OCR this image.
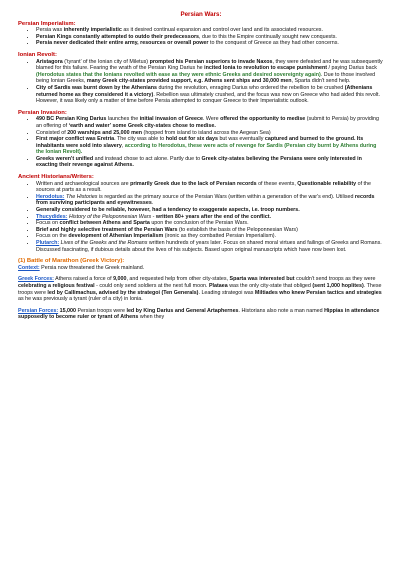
Persian Wars:
Persian Imperialism:
• Persia was inherently imperialistic as it desired continual expansion and control over land and its associated resources.
• Persian Kings constantly attempted to outdo their predecessors, due to this the Empire continually sought new conquests.
• Persia never dedicated their entire army, resources or overall power to the conquest of Greece as they had other concerns.
Ionian Revolt:
• Aristagora (‘tyrant’ of the Ionian city of Miletus) prompted his Persian superiors to invade Naxos, they were defeated and he was subsequently blamed for this failure. Fearing the wrath of the Persian King Darius he incited Ionia to revolution to escape punishment / paying Darius back (Herodotus states that the Ionians revolted with ease as they were ethnic Greeks and desired sovereignty again). Due to those involved being Ionian Greeks, many Greek city-states provided support, e.g. Athens sent ships and 30,000 men, Sparta didn't send help.
• City of Sardis was burnt down by the Athenians during the revolution, enraging Darius who ordered the rebellion to be crushed (Athenians returned home as they considered it a victory). Rebellion was ultimately crushed, and the focus was now on Greece who had aided this revolt. However, it was likely only a matter of time before Persia attempted to conquer Greece to their Imperialistic outlook.
Persian Invasion:
• 490 BC Persian King Darius launches the initial invasion of Greece. Were offered the opportunity to medise (submit to Persia) by providing an offering of ‘earth and water’ some Greek city-states chose to medise.
• Consisted of 200 warships and 25,000 men (hopped from island to island across the Aegean Sea)
• First major conflict was Eretria. The city was able to hold out for six days but was eventually captured and burned to the ground. Its inhabitants were sold into slavery, according to Herodotus, these were acts of revenge for Sardis (Persian city burnt by Athens during the Ionian Revolt).
• Greeks weren't unified and instead chose to act alone. Partly due to Greek city-states believing the Persians were only interested in exacting their revenge against Athens.
Ancient Historians/Writers:
• Written and archaeological sources are primarily Greek due to the lack of Persian records of these events, Questionable reliability of the sources at parts as a result.
• Herodotus: The Histories is regarded as the primary source of the Persian Wars (written within a generation of the war's end). Utilised records from surviving participants and eyewitnesses.
• Generally considered to be reliable, however, had a tendency to exaggerate aspects, i.e. troop numbers.
• Thucydides: History of the Peloponnesian Wars - written 80+ years after the end of the conflict.
• Focus on conflict between Athens and Sparta upon the conclusion of the Persian Wars.
• Brief and highly selective treatment of the Persian Wars (to establish the basis of the Peloponnesian Wars)
• Focus on the development of Athenian Imperialism (ironic as they combatted Persian Imperialism).
• Plutarch: Lives of the Greeks and the Romans written hundreds of years later. Focus on shared moral virtues and failings of Greeks and Romans. Discussed fascinating, if dubious details about the lives of his subjects. Based upon original manuscripts which have now been lost.
(1) Battle of Marathon (Greek Victory):

Context: Persia now threatened the Greek mainland.

Greek Forces: Athens raised a force of 9,000, and requested help from other city-states, Sparta was interested but couldn't send troops as they were celebrating a religious festival - could only send soldiers at the next full moon. Plataea was the only city-state that obliged (sent 1,000 hoplites). These troops were led by Callimachus, advised by the strategoi (Ten Generals). Leading strategoi was Miltiades who knew Persian tactics and strategies as he was previously a tyrant (ruler of a city) in Ionia.

Persian Forces: 15,000 Persian troops were led by King Darius and General Artaphernes. Historians also note a man named Hippias in attendance supposedly to become ruler or tyrant of Athens when they
